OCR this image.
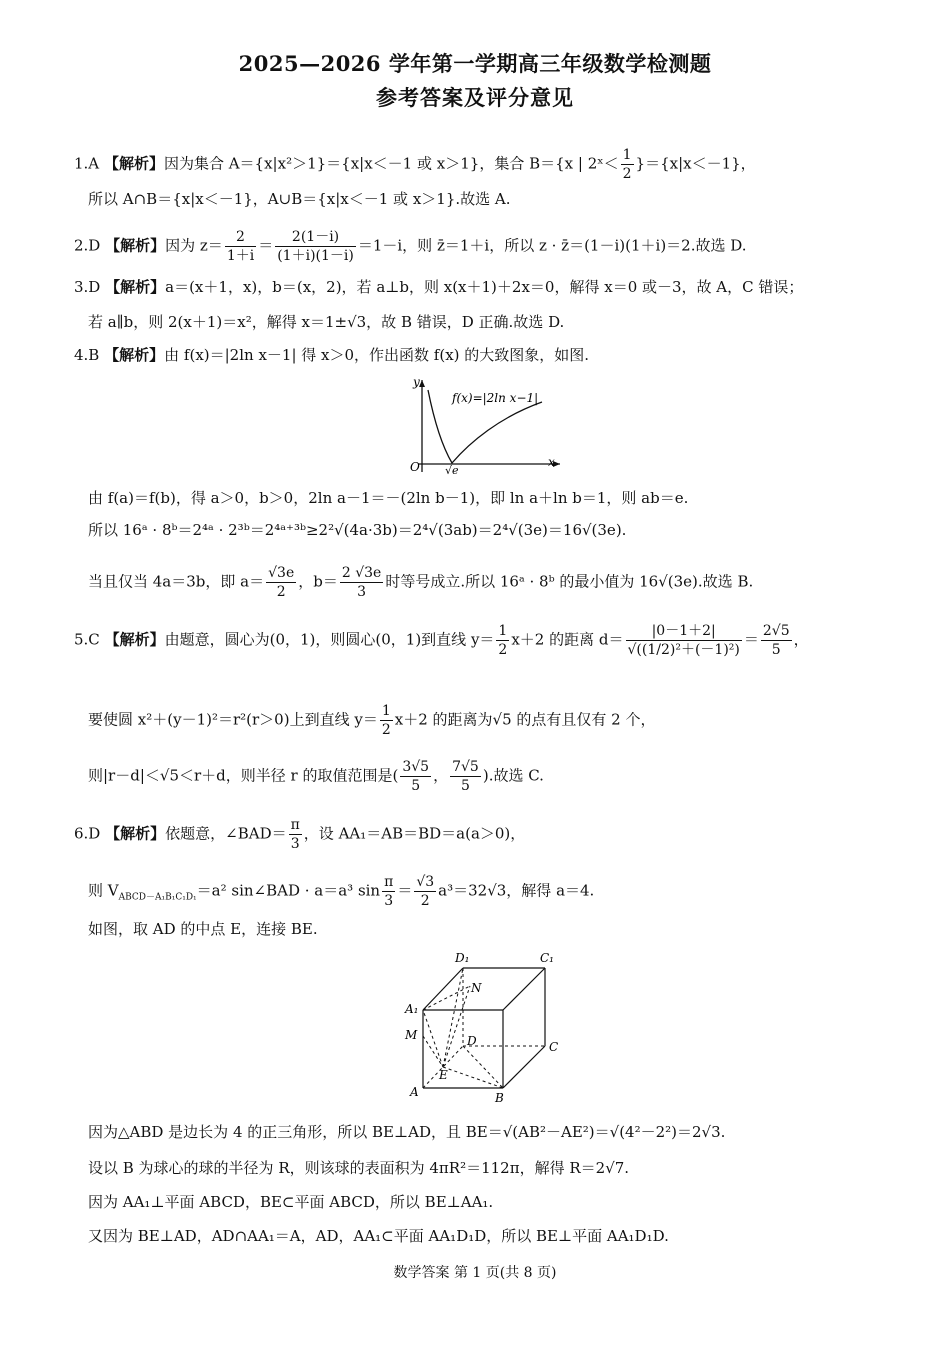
2025—2026 学年第一学期高三年级数学检测题
参考答案及评分意见
1.A 【解析】因为集合 A＝{x|x²＞1}＝{x|x＜－1 或 x＞1}，集合 B＝{x | 2ˣ＜ $\frac{1}{2} \}=\{x|x<-1\}$，
所以 A∩B＝{x|x＜－1}，A∪B＝{x|x＜－1 或 x＞1}.故选 A.
2.D 【解析】因为 $z= \frac{2}{1+i} = \frac{2(1-i)}{(1+i)(1-i)} =1-i$，则 z̄＝1＋i，所以 z · z̄＝(1－i)(1＋i)＝2.故选 D.
3.D 【解析】a＝(x＋1，x)，b＝(x，2)，若 a⊥b，则 x(x＋1)＋2x＝0，解得 x＝0 或－3，故 A，C 错误；
若 a∥b，则 2(x＋1)＝x²，解得 x＝1±√3，故 B 错误，D 正确.故选 D.
4.B 【解析】由 f(x)＝|2ln x－1| 得 x＞0，作出函数 f(x) 的大致图象，如图.
y
x
O √e
f(x)=|2ln x−1|
由 f(a)＝f(b)，得 a＞0，b＞0，2ln a－1＝－(2ln b－1)，即 ln a＋ln b＝1，则 ab＝e.
所以 16ᵃ · 8ᵇ＝2⁴ᵃ · 2³ᵇ＝2⁴ᵃ⁺³ᵇ≥2²√(4a·3b)＝2⁴√(3ab)＝2⁴√(3e)＝16√(3e).
当且仅当 4a＝3b，即 $a= \frac{√3e}{2}$ ，$b= \frac{2 √3e}{3}$ 时等号成立.所以 16ᵃ · 8ᵇ 的最小值为 16√(3e).故选 B.
5.C 【解析】由题意，圆心为(0，1)，则圆心(0，1)到直线 $y= \frac{1}{2} x+2$ 的距离 $d= \frac{|0-1+2|}{\text{√((1/2)²＋(－1)²)}} = \frac{2√5}{5}$ ，
要使圆 x²＋(y－1)²＝r²(r＞0)上到直线 $y= \frac{1}{2} x+2$ 的距离为√5 的点有且仅有 2 个，
则|r－d|＜√5＜r＋d，则半径 r 的取值范围是( $\frac{3√5}{5}$ ， $\frac{7√5}{5}$ ).故选 C.
6.D 【解析】依题意，∠BAD＝ $\frac{\pi}{3}$ ，设 AA₁＝AB＝BD＝a(a＞0)，
则 $V_{ABCD-A_1B_1C_1D_1}=a^2$ sin∠BAD · a＝a³ $\sin \frac{\pi}{3} = \frac{√3}{2} a^3=32√3$，解得 a＝4.
如图，取 AD 的中点 E，连接 BE.
D₁	C₁
A₁
N
M	D	C
E
A	B
因为△ABD 是边长为 4 的正三角形，所以 BE⊥AD，且 BE＝√(AB²－AE²)＝√(4²－2²)＝2√3.
设以 B 为球心的球的半径为 R，则该球的表面积为 4πR²＝112π，解得 R＝2√7.
因为 AA₁⊥平面 ABCD，BE⊂平面 ABCD，所以 BE⊥AA₁.
又因为 BE⊥AD，AD∩AA₁＝A，AD，AA₁⊂平面 AA₁D₁D，所以 BE⊥平面 AA₁D₁D.
数学答案 第 1 页(共 8 页)
